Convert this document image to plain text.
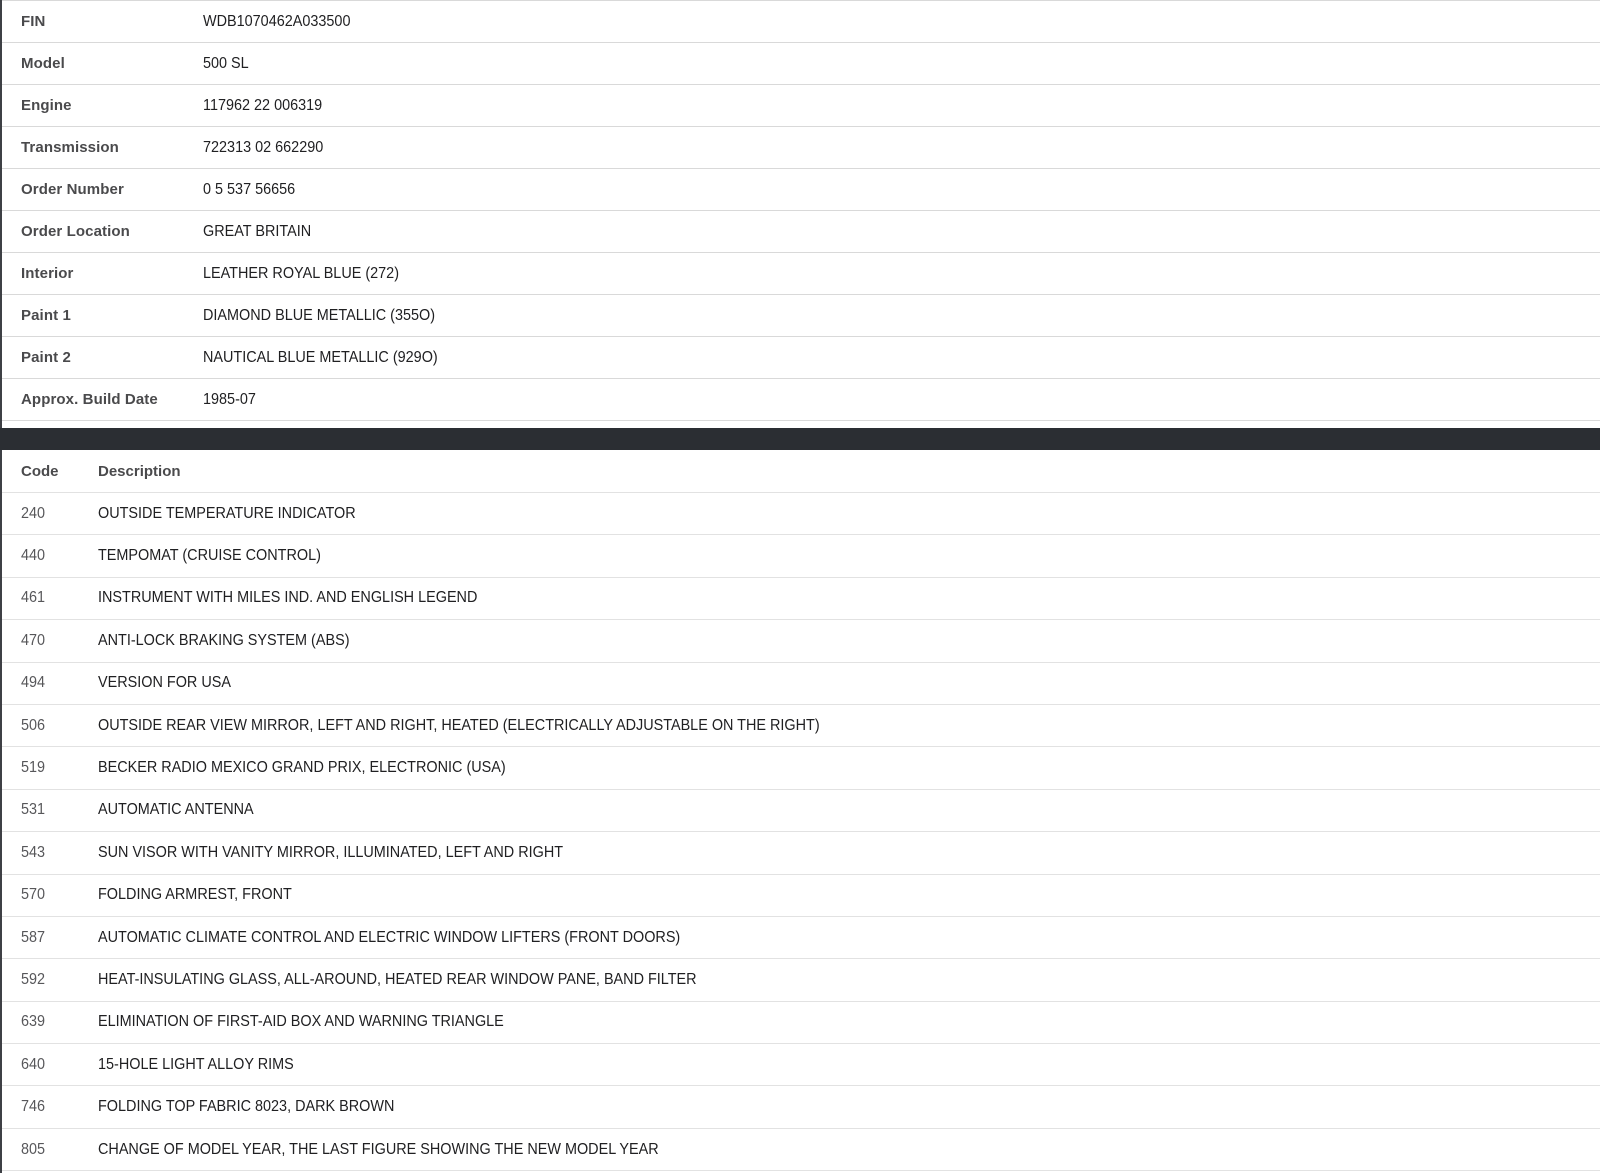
FIN	WDB1070462A033500
Model	500 SL
Engine	117962 22 006319
Transmission	722313 02 662290
Order Number	0 5 537 56656
Order Location	GREAT BRITAIN
Interior	LEATHER ROYAL BLUE (272)
Paint 1	DIAMOND BLUE METALLIC (355O)
Paint 2	NAUTICAL BLUE METALLIC (929O)
Approx. Build Date	1985-07
Code	Description
240	OUTSIDE TEMPERATURE INDICATOR
440	TEMPOMAT (CRUISE CONTROL)
461	INSTRUMENT WITH MILES IND. AND ENGLISH LEGEND
470	ANTI-LOCK BRAKING SYSTEM (ABS)
494	VERSION FOR USA
506	OUTSIDE REAR VIEW MIRROR, LEFT AND RIGHT, HEATED (ELECTRICALLY ADJUSTABLE ON THE RIGHT)
519	BECKER RADIO MEXICO GRAND PRIX, ELECTRONIC (USA)
531	AUTOMATIC ANTENNA
543	SUN VISOR WITH VANITY MIRROR, ILLUMINATED, LEFT AND RIGHT
570	FOLDING ARMREST, FRONT
587	AUTOMATIC CLIMATE CONTROL AND ELECTRIC WINDOW LIFTERS (FRONT DOORS)
592	HEAT-INSULATING GLASS, ALL-AROUND, HEATED REAR WINDOW PANE, BAND FILTER
639	ELIMINATION OF FIRST-AID BOX AND WARNING TRIANGLE
640	15-HOLE LIGHT ALLOY RIMS
746	FOLDING TOP FABRIC 8023, DARK BROWN
805	CHANGE OF MODEL YEAR, THE LAST FIGURE SHOWING THE NEW MODEL YEAR
